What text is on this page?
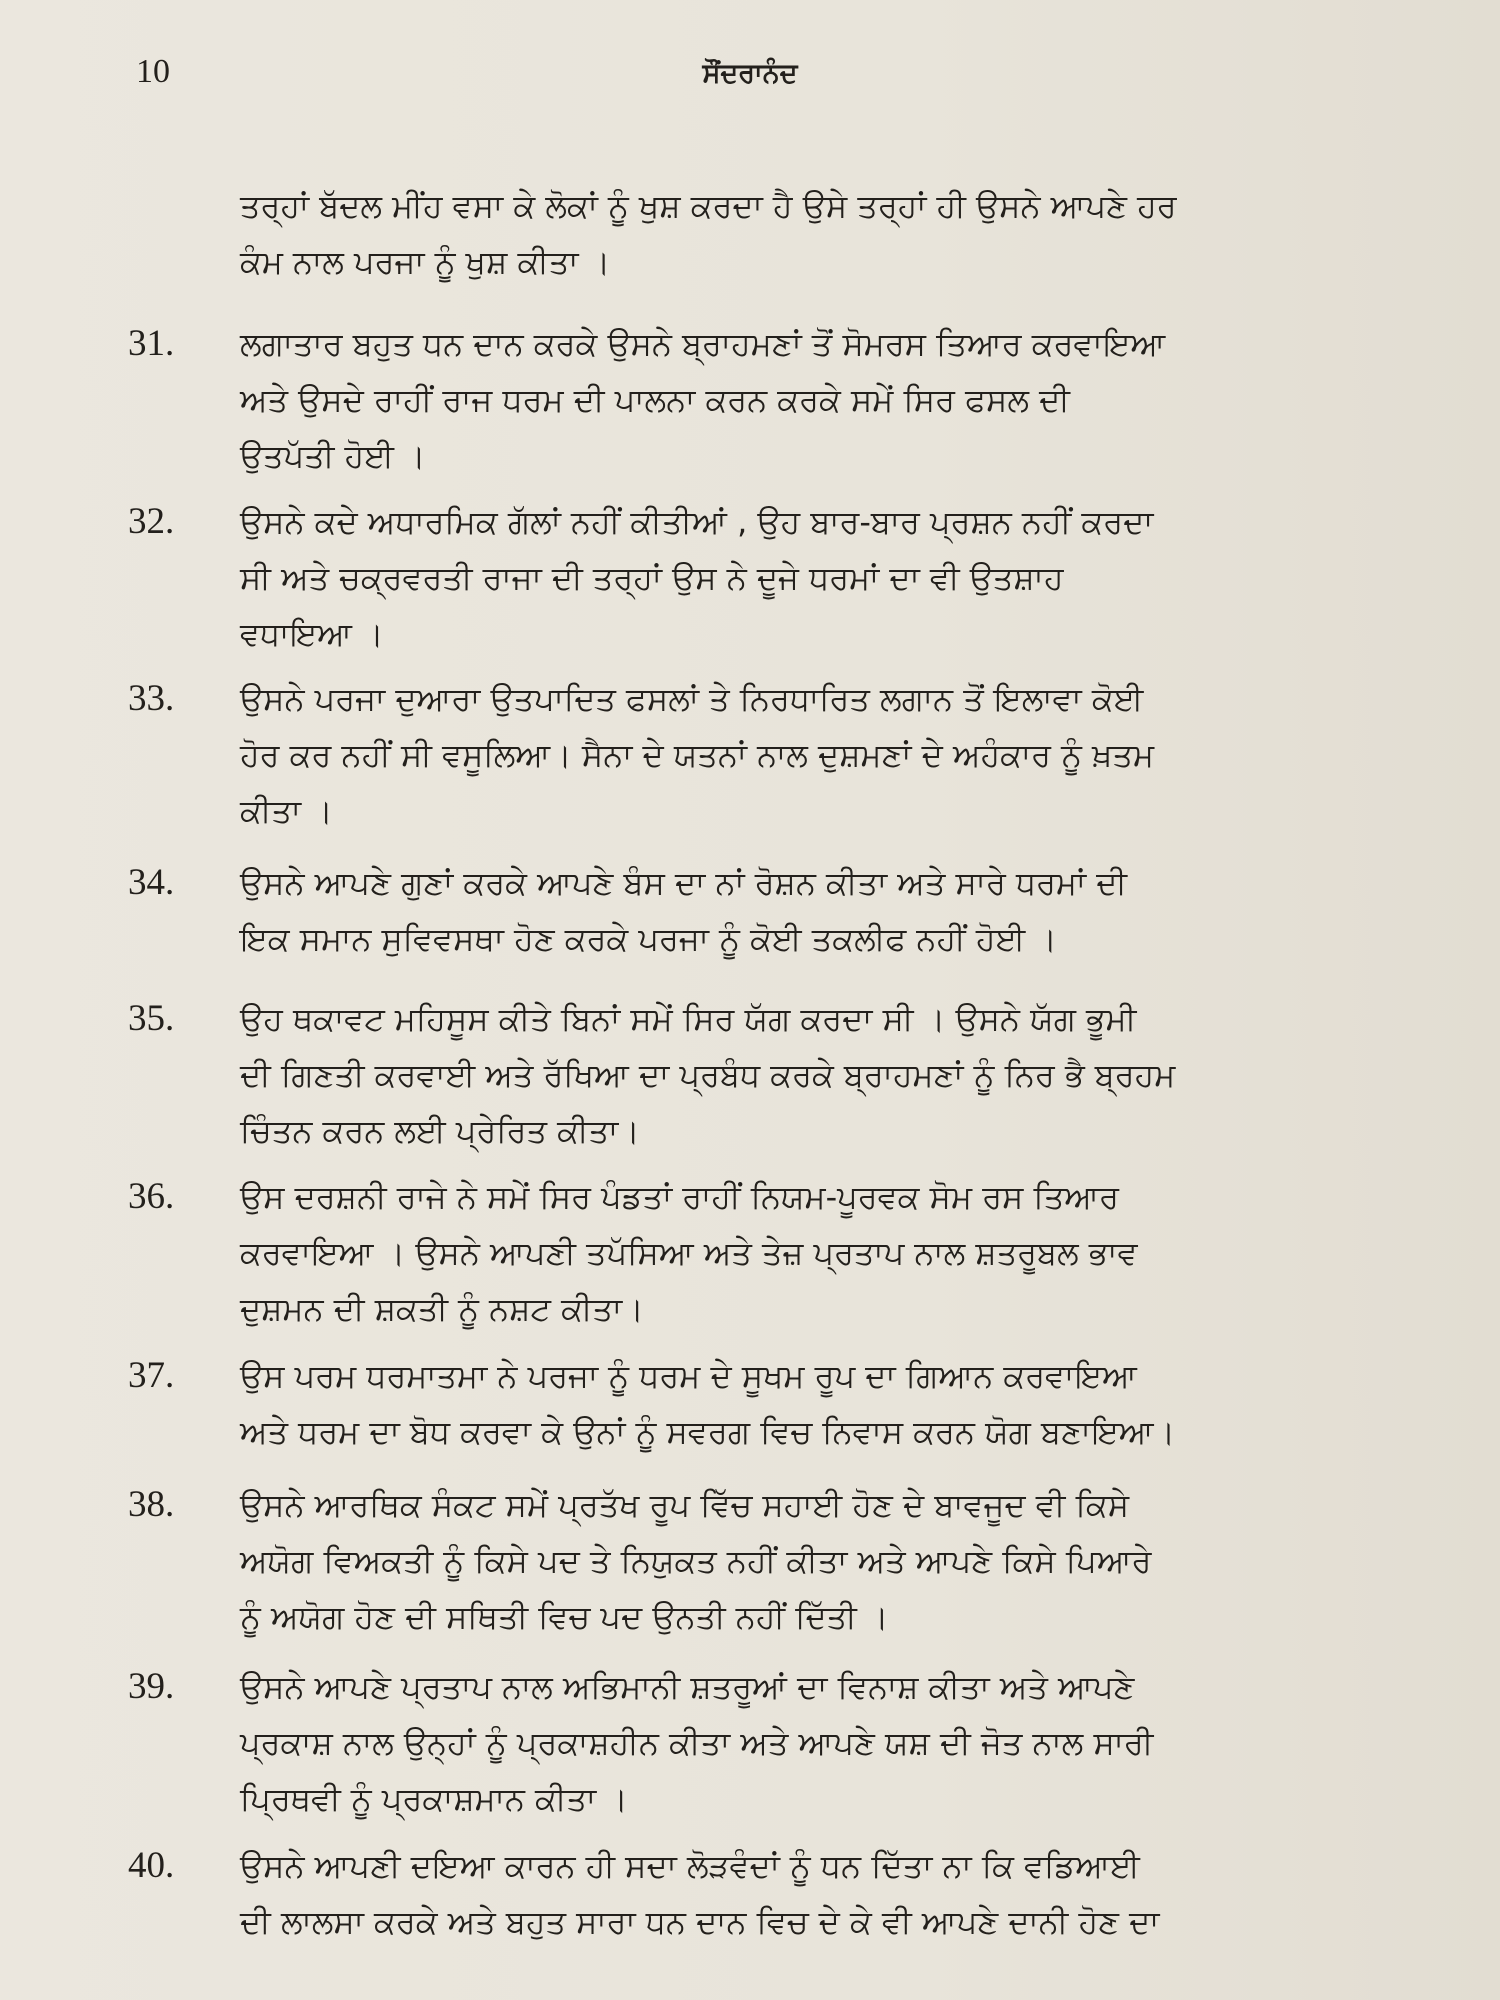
10	ਸੌਂਦਰਾਨੰਦ

ਤਰ੍ਹਾਂ ਬੱਦਲ ਮੀਂਹ ਵਸਾ ਕੇ ਲੋਕਾਂ ਨੂੰ ਖੁਸ਼ ਕਰਦਾ ਹੈ ਉਸੇ ਤਰ੍ਹਾਂ ਹੀ ਉਸਨੇ ਆਪਣੇ ਹਰ
ਕੰਮ ਨਾਲ ਪਰਜਾ ਨੂੰ ਖੁਸ਼ ਕੀਤਾ ।

31.	ਲਗਾਤਾਰ ਬਹੁਤ ਧਨ ਦਾਨ ਕਰਕੇ ਉਸਨੇ ਬ੍ਰਾਹਮਣਾਂ ਤੋਂ ਸੋਮਰਸ ਤਿਆਰ ਕਰਵਾਇਆ
ਅਤੇ ਉਸਦੇ ਰਾਹੀਂ ਰਾਜ ਧਰਮ ਦੀ ਪਾਲਨਾ ਕਰਨ ਕਰਕੇ ਸਮੇਂ ਸਿਰ ਫਸਲ ਦੀ
ਉਤਪੱਤੀ ਹੋਈ ।

32.	ਉਸਨੇ ਕਦੇ ਅਧਾਰਮਿਕ ਗੱਲਾਂ ਨਹੀਂ ਕੀਤੀਆਂ , ਉਹ ਬਾਰ-ਬਾਰ ਪ੍ਰਸ਼ਨ ਨਹੀਂ ਕਰਦਾ
ਸੀ ਅਤੇ ਚਕ੍ਰਵਰਤੀ ਰਾਜਾ ਦੀ ਤਰ੍ਹਾਂ ਉਸ ਨੇ ਦੂਜੇ ਧਰਮਾਂ ਦਾ ਵੀ ਉਤਸ਼ਾਹ
ਵਧਾਇਆ ।

33.	ਉਸਨੇ ਪਰਜਾ ਦੁਆਰਾ ਉਤਪਾਦਿਤ ਫਸਲਾਂ ਤੇ ਨਿਰਧਾਰਿਤ ਲਗਾਨ ਤੋਂ ਇਲਾਵਾ ਕੋਈ
ਹੋਰ ਕਰ ਨਹੀਂ ਸੀ ਵਸੂਲਿਆ। ਸੈਨਾ ਦੇ ਯਤਨਾਂ ਨਾਲ ਦੁਸ਼ਮਣਾਂ ਦੇ ਅਹੰਕਾਰ ਨੂੰ ਖ਼ਤਮ
ਕੀਤਾ ।

34.	ਉਸਨੇ ਆਪਣੇ ਗੁਣਾਂ ਕਰਕੇ ਆਪਣੇ ਬੰਸ ਦਾ ਨਾਂ ਰੋਸ਼ਨ ਕੀਤਾ ਅਤੇ ਸਾਰੇ ਧਰਮਾਂ ਦੀ
ਇਕ ਸਮਾਨ ਸੁਵਿਵਸਥਾ ਹੋਣ ਕਰਕੇ ਪਰਜਾ ਨੂੰ ਕੋਈ ਤਕਲੀਫ ਨਹੀਂ ਹੋਈ ।

35.	ਉਹ ਥਕਾਵਟ ਮਹਿਸੂਸ ਕੀਤੇ ਬਿਨਾਂ ਸਮੇਂ ਸਿਰ ਯੱਗ ਕਰਦਾ ਸੀ । ਉਸਨੇ ਯੱਗ ਭੂਮੀ
ਦੀ ਗਿਣਤੀ ਕਰਵਾਈ ਅਤੇ ਰੱਖਿਆ ਦਾ ਪ੍ਰਬੰਧ ਕਰਕੇ ਬ੍ਰਾਹਮਣਾਂ ਨੂੰ ਨਿਰ ਭੈ ਬ੍ਰਹਮ
ਚਿੰਤਨ ਕਰਨ ਲਈ ਪ੍ਰੇਰਿਤ ਕੀਤਾ।

36.	ਉਸ ਦਰਸ਼ਨੀ ਰਾਜੇ ਨੇ ਸਮੇਂ ਸਿਰ ਪੰਡਤਾਂ ਰਾਹੀਂ ਨਿਯਮ-ਪੂਰਵਕ ਸੋਮ ਰਸ ਤਿਆਰ
ਕਰਵਾਇਆ । ਉਸਨੇ ਆਪਣੀ ਤਪੱਸਿਆ ਅਤੇ ਤੇਜ਼ ਪ੍ਰਤਾਪ ਨਾਲ ਸ਼ਤਰੂਬਲ ਭਾਵ
ਦੁਸ਼ਮਨ ਦੀ ਸ਼ਕਤੀ ਨੂੰ ਨਸ਼ਟ ਕੀਤਾ।

37.	ਉਸ ਪਰਮ ਧਰਮਾਤਮਾ ਨੇ ਪਰਜਾ ਨੂੰ ਧਰਮ ਦੇ ਸੂਖਮ ਰੂਪ ਦਾ ਗਿਆਨ ਕਰਵਾਇਆ
ਅਤੇ ਧਰਮ ਦਾ ਬੋਧ ਕਰਵਾ ਕੇ ਉਨਾਂ ਨੂੰ ਸਵਰਗ ਵਿਚ ਨਿਵਾਸ ਕਰਨ ਯੋਗ ਬਣਾਇਆ।

38.	ਉਸਨੇ ਆਰਥਿਕ ਸੰਕਟ ਸਮੇਂ ਪ੍ਰਤੱਖ ਰੂਪ ਵਿੱਚ ਸਹਾਈ ਹੋਣ ਦੇ ਬਾਵਜੂਦ ਵੀ ਕਿਸੇ
ਅਯੋਗ ਵਿਅਕਤੀ ਨੂੰ ਕਿਸੇ ਪਦ ਤੇ ਨਿਯੁਕਤ ਨਹੀਂ ਕੀਤਾ ਅਤੇ ਆਪਣੇ ਕਿਸੇ ਪਿਆਰੇ
ਨੂੰ ਅਯੋਗ ਹੋਣ ਦੀ ਸਥਿਤੀ ਵਿਚ ਪਦ ਉਨਤੀ ਨਹੀਂ ਦਿੱਤੀ ।

39.	ਉਸਨੇ ਆਪਣੇ ਪ੍ਰਤਾਪ ਨਾਲ ਅਭਿਮਾਨੀ ਸ਼ਤਰੂਆਂ ਦਾ ਵਿਨਾਸ਼ ਕੀਤਾ ਅਤੇ ਆਪਣੇ
ਪ੍ਰਕਾਸ਼ ਨਾਲ ਉਨ੍ਹਾਂ ਨੂੰ ਪ੍ਰਕਾਸ਼ਹੀਨ ਕੀਤਾ ਅਤੇ ਆਪਣੇ ਯਸ਼ ਦੀ ਜੋਤ ਨਾਲ ਸਾਰੀ
ਪ੍ਰਿਥਵੀ ਨੂੰ ਪ੍ਰਕਾਸ਼ਮਾਨ ਕੀਤਾ ।

40.	ਉਸਨੇ ਆਪਣੀ ਦਇਆ ਕਾਰਨ ਹੀ ਸਦਾ ਲੋੜਵੰਦਾਂ ਨੂੰ ਧਨ ਦਿੱਤਾ ਨਾ ਕਿ ਵਡਿਆਈ
ਦੀ ਲਾਲਸਾ ਕਰਕੇ ਅਤੇ ਬਹੁਤ ਸਾਰਾ ਧਨ ਦਾਨ ਵਿਚ ਦੇ ਕੇ ਵੀ ਆਪਣੇ ਦਾਨੀ ਹੋਣ ਦਾ
